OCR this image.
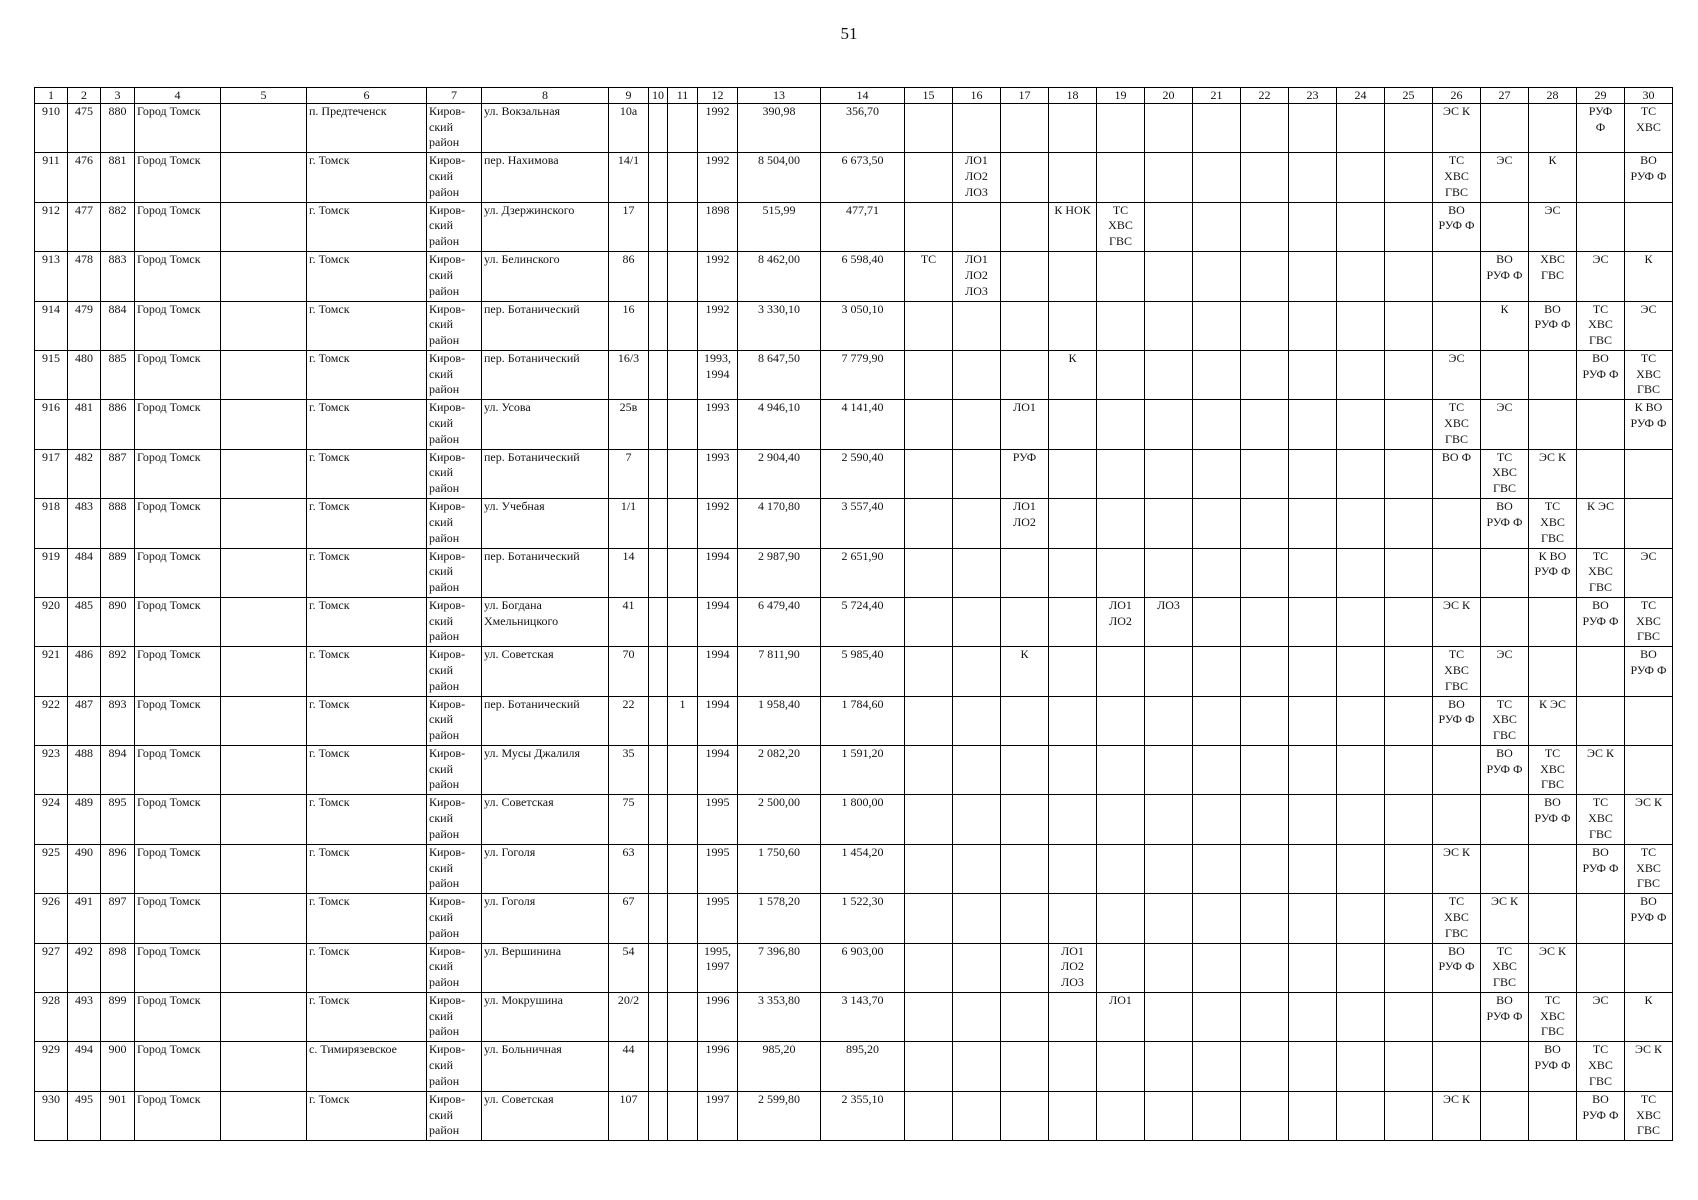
51
1	2	3	4	5	6	7	8	9	10	11	12	13	14	15	16	17	18	19	20	21	22	23	24	25	26	27	28	29	30
910	475	880	Город Томск		п. Предтеченск	Киров-
ский
район	ул. Вокзальная	10а			1992	390,98	356,70												ЭС К			РУФ
Ф	ТС
ХВС
911	476	881	Город Томск		г. Томск	Киров-
ский
район	пер. Нахимова	14/1			1992	8 504,00	6 673,50		ЛО1
ЛО2
ЛО3										ТС
ХВС
ГВС	ЭС	К		ВО
РУФ Ф
912	477	882	Город Томск		г. Томск	Киров-
ский
район	ул. Дзержинского	17			1898	515,99	477,71				К НОК	ТС
ХВС
ГВС							ВО
РУФ Ф		ЭС		
913	478	883	Город Томск		г. Томск	Киров-
ский
район	ул. Белинского	86			1992	8 462,00	6 598,40	ТС	ЛО1
ЛО2
ЛО3											ВО
РУФ Ф	ХВС
ГВС	ЭС	К
914	479	884	Город Томск		г. Томск	Киров-
ский
район	пер. Ботанический	16			1992	3 330,10	3 050,10													К	ВО
РУФ Ф	ТС
ХВС
ГВС	ЭС
915	480	885	Город Томск		г. Томск	Киров-
ский
район	пер. Ботанический	16/3			1993,
1994	8 647,50	7 779,90				К								ЭС			ВО
РУФ Ф	ТС
ХВС
ГВС
916	481	886	Город Томск		г. Томск	Киров-
ский
район	ул. Усова	25в			1993	4 946,10	4 141,40			ЛО1									ТС
ХВС
ГВС	ЭС			К ВО
РУФ Ф
917	482	887	Город Томск		г. Томск	Киров-
ский
район	пер. Ботанический	7			1993	2 904,40	2 590,40			РУФ									ВО Ф	ТС
ХВС
ГВС	ЭС К		
918	483	888	Город Томск		г. Томск	Киров-
ский
район	ул. Учебная	1/1			1992	4 170,80	3 557,40			ЛО1
ЛО2										ВО
РУФ Ф	ТС
ХВС
ГВС	К ЭС	
919	484	889	Город Томск		г. Томск	Киров-
ский
район	пер. Ботанический	14			1994	2 987,90	2 651,90														К ВО
РУФ Ф	ТС
ХВС
ГВС	ЭС
920	485	890	Город Томск		г. Томск	Киров-
ский
район	ул. Богдана
Хмельницкого	41			1994	6 479,40	5 724,40					ЛО1
ЛО2	ЛО3						ЭС К			ВО
РУФ Ф	ТС
ХВС
ГВС
921	486	892	Город Томск		г. Томск	Киров-
ский
район	ул. Советская	70			1994	7 811,90	5 985,40			К									ТС
ХВС
ГВС	ЭС			ВО
РУФ Ф
922	487	893	Город Томск		г. Томск	Киров-
ский
район	пер. Ботанический	22		1	1994	1 958,40	1 784,60												ВО
РУФ Ф	ТС
ХВС
ГВС	К ЭС		
923	488	894	Город Томск		г. Томск	Киров-
ский
район	ул. Мусы Джалиля	35			1994	2 082,20	1 591,20													ВО
РУФ Ф	ТС
ХВС
ГВС	ЭС К	
924	489	895	Город Томск		г. Томск	Киров-
ский
район	ул. Советская	75			1995	2 500,00	1 800,00														ВО
РУФ Ф	ТС
ХВС
ГВС	ЭС К
925	490	896	Город Томск		г. Томск	Киров-
ский
район	ул. Гоголя	63			1995	1 750,60	1 454,20												ЭС К			ВО
РУФ Ф	ТС
ХВС
ГВС
926	491	897	Город Томск		г. Томск	Киров-
ский
район	ул. Гоголя	67			1995	1 578,20	1 522,30												ТС
ХВС
ГВС	ЭС К			ВО
РУФ Ф
927	492	898	Город Томск		г. Томск	Киров-
ский
район	ул. Вершинина	54			1995,
1997	7 396,80	6 903,00				ЛО1
ЛО2
ЛО3								ВО
РУФ Ф	ТС
ХВС
ГВС	ЭС К		
928	493	899	Город Томск		г. Томск	Киров-
ский
район	ул. Мокрушина	20/2			1996	3 353,80	3 143,70					ЛО1								ВО
РУФ Ф	ТС
ХВС
ГВС	ЭС	К
929	494	900	Город Томск		с. Тимирязевское	Киров-
ский
район	ул. Больничная	44			1996	985,20	895,20														ВО
РУФ Ф	ТС
ХВС
ГВС	ЭС К
930	495	901	Город Томск		г. Томск	Киров-
ский
район	ул. Советская	107			1997	2 599,80	2 355,10												ЭС К			ВО
РУФ Ф	ТС
ХВС
ГВС
